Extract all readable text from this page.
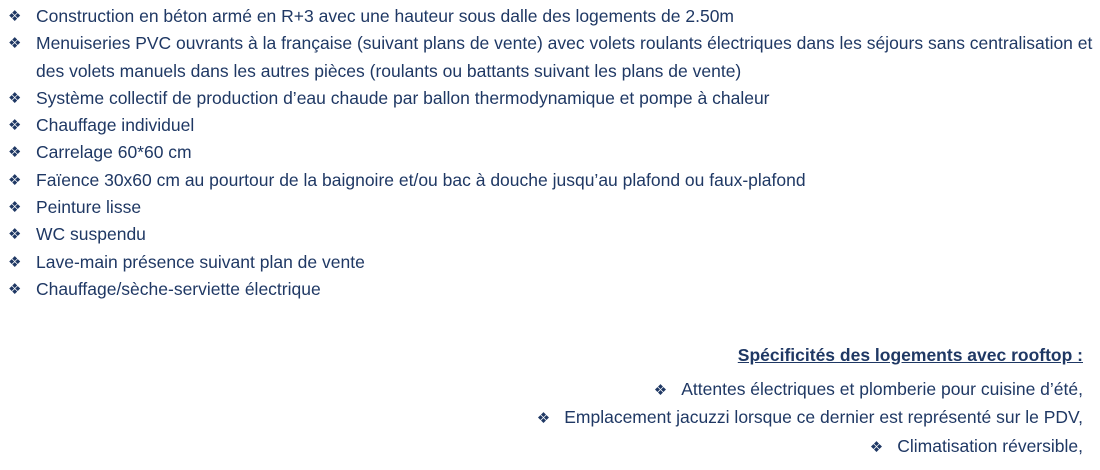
❖ Construction en béton armé en R+3 avec une hauteur sous dalle des logements de 2.50m
❖ Menuiseries PVC ouvrants à la française (suivant plans de vente) avec volets roulants électriques dans les séjours sans centralisation et des volets manuels dans les autres pièces (roulants ou battants suivant les plans de vente)
❖ Système collectif de production d’eau chaude par ballon thermodynamique et pompe à chaleur
❖ Chauffage individuel
❖ Carrelage 60*60 cm
❖ Faïence 30x60 cm au pourtour de la baignoire et/ou bac à douche jusqu’au plafond ou faux-plafond
❖ Peinture lisse
❖ WC suspendu
❖ Lave-main présence suivant plan de vente
❖ Chauffage/sèche-serviette électrique
Spécificités des logements avec rooftop :
❖ Attentes électriques et plomberie pour cuisine d’été,
❖ Emplacement jacuzzi lorsque ce dernier est représenté sur le PDV,
❖ Climatisation réversible,
